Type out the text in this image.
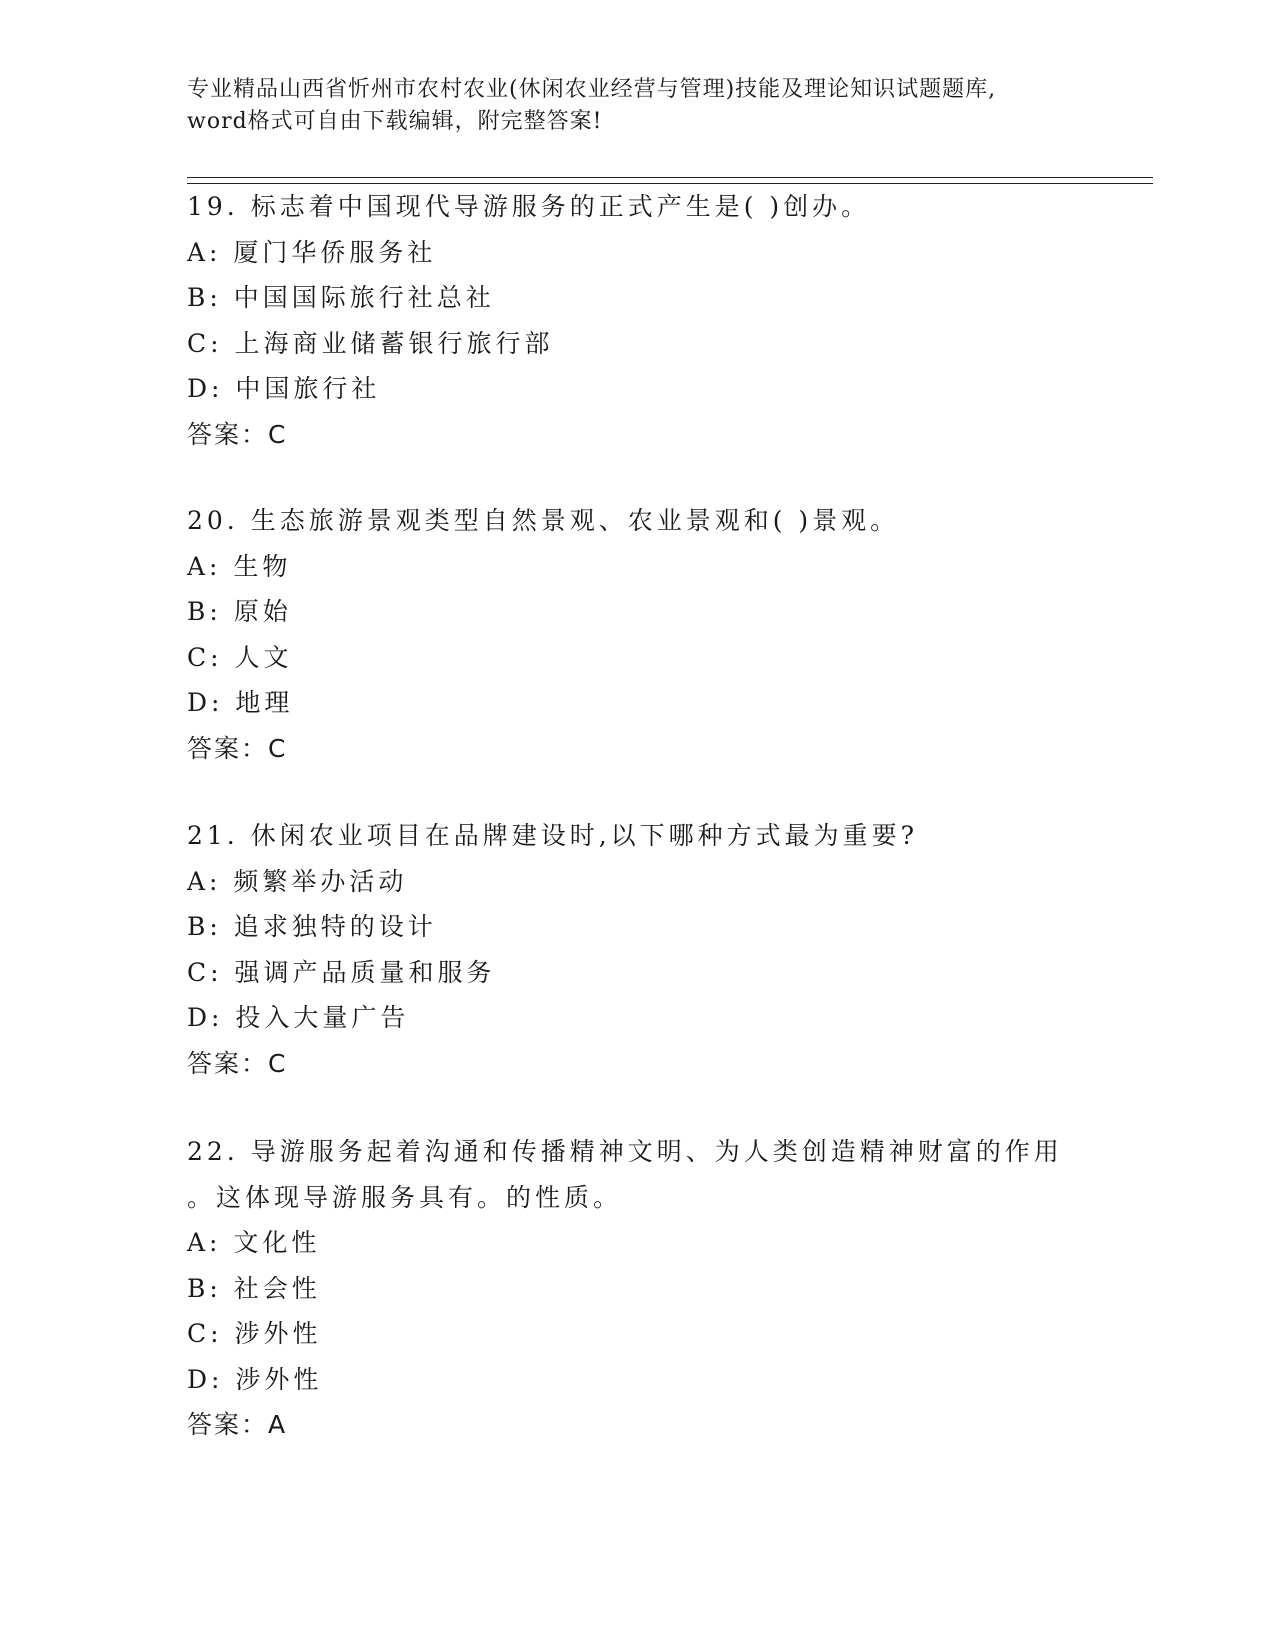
专业精品山西省忻州市农村农业(休闲农业经营与管理)技能及理论知识试题题库,
word格式可自由下载编辑，附完整答案!
19. 标志着中国现代导游服务的正式产生是( )创办。
A: 厦门华侨服务社
B: 中国国际旅行社总社
C: 上海商业储蓄银行旅行部
D: 中国旅行社
答案：C
20. 生态旅游景观类型自然景观、农业景观和( )景观。
A: 生物
B: 原始
C: 人文
D: 地理
答案：C
21. 休闲农业项目在品牌建设时,以下哪种方式最为重要?
A: 频繁举办活动
B: 追求独特的设计
C: 强调产品质量和服务
D: 投入大量广告
答案：C
22. 导游服务起着沟通和传播精神文明、为人类创造精神财富的作用
。这体现导游服务具有。的性质。
A: 文化性
B: 社会性
C: 涉外性
D: 涉外性
答案：A
